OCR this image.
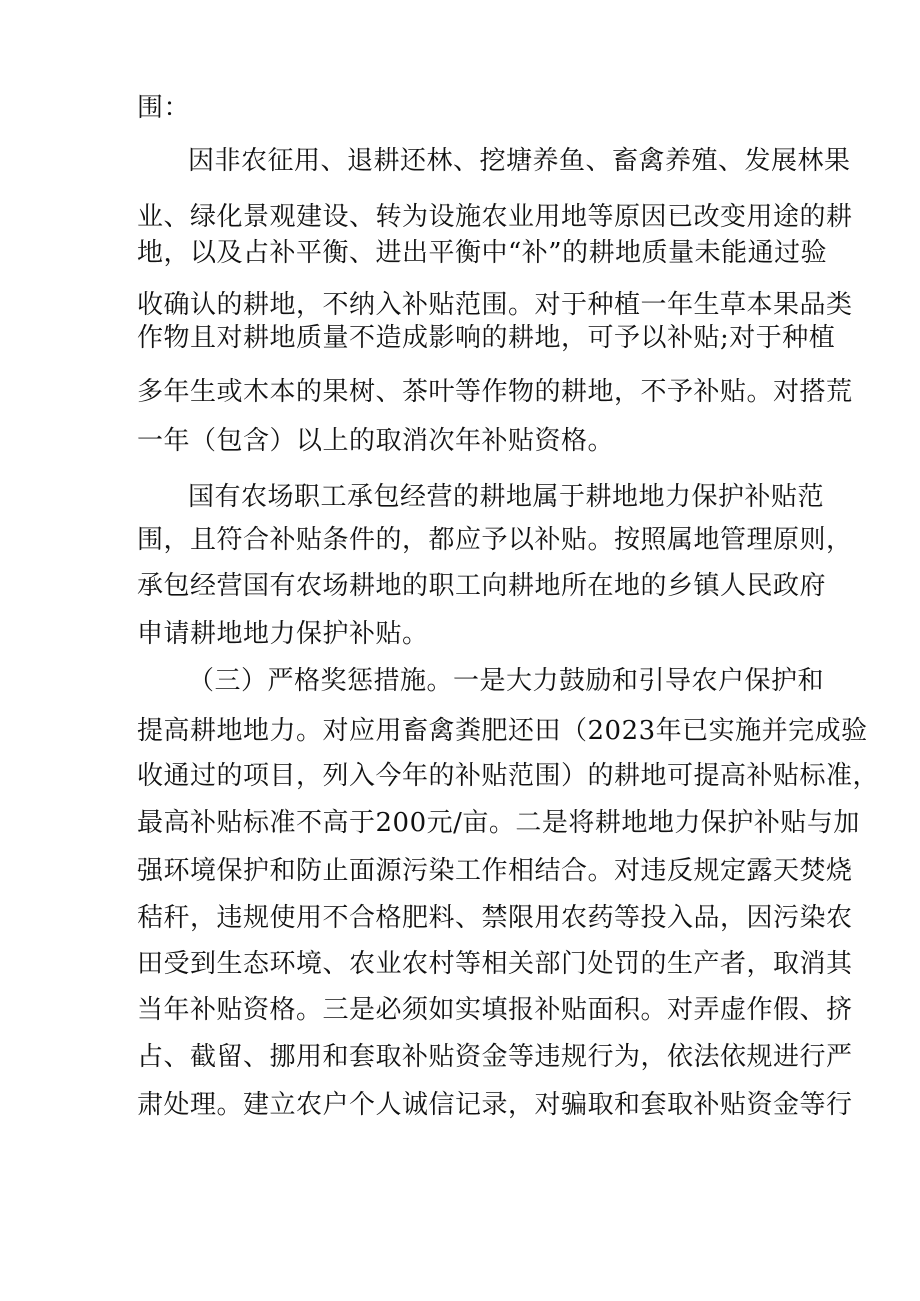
围：
因非农征用、退耕还林、挖塘养鱼、畜禽养殖、发展林果
业、绿化景观建设、转为设施农业用地等原因已改变用途的耕
地，以及占补平衡、进出平衡中“补”的耕地质量未能通过验
收确认的耕地，不纳入补贴范围。对于种植一年生草本果品类
作物且对耕地质量不造成影响的耕地，可予以补贴;对于种植
多年生或木本的果树、茶叶等作物的耕地，不予补贴。对搭荒
一年（包含）以上的取消次年补贴资格。
国有农场职工承包经营的耕地属于耕地地力保护补贴范
围，且符合补贴条件的，都应予以补贴。按照属地管理原则，
承包经营国有农场耕地的职工向耕地所在地的乡镇人民政府
申请耕地地力保护补贴。
（三）严格奖惩措施。一是大力鼓励和引导农户保护和
提高耕地地力。对应用畜禽粪肥还田（2023年已实施并完成验
收通过的项目，列入今年的补贴范围）的耕地可提高补贴标准，
最高补贴标准不高于200元/亩。二是将耕地地力保护补贴与加
强环境保护和防止面源污染工作相结合。对违反规定露天焚烧
秸秆，违规使用不合格肥料、禁限用农药等投入品，因污染农
田受到生态环境、农业农村等相关部门处罚的生产者，取消其
当年补贴资格。三是必须如实填报补贴面积。对弄虚作假、挤
占、截留、挪用和套取补贴资金等违规行为，依法依规进行严
肃处理。建立农户个人诚信记录，对骗取和套取补贴资金等行
